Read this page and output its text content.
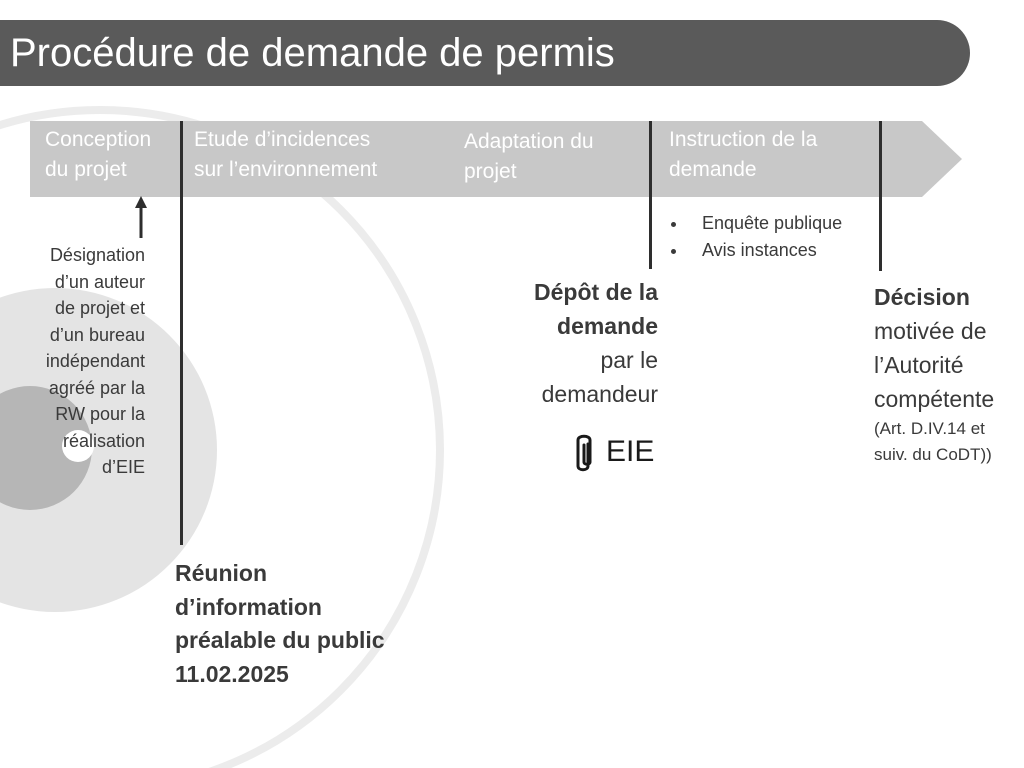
Procédure de demande de permis
Conception
du projet
Etude d’incidences
sur l’environnement
Adaptation du
projet
Instruction de la
demande
Enquête publique
Avis instances
Désignation
d’un auteur
de projet et
d’un bureau
indépendant
agréé par la
RW pour la
réalisation
d’EIE
Réunion
d’information
préalable du public
11.02.2025
Dépôt de la
demande
par le
demandeur
EIE
Décision
motivée de
l’Autorité
compétente
(Art. D.IV.14 et
suiv. du CoDT))
